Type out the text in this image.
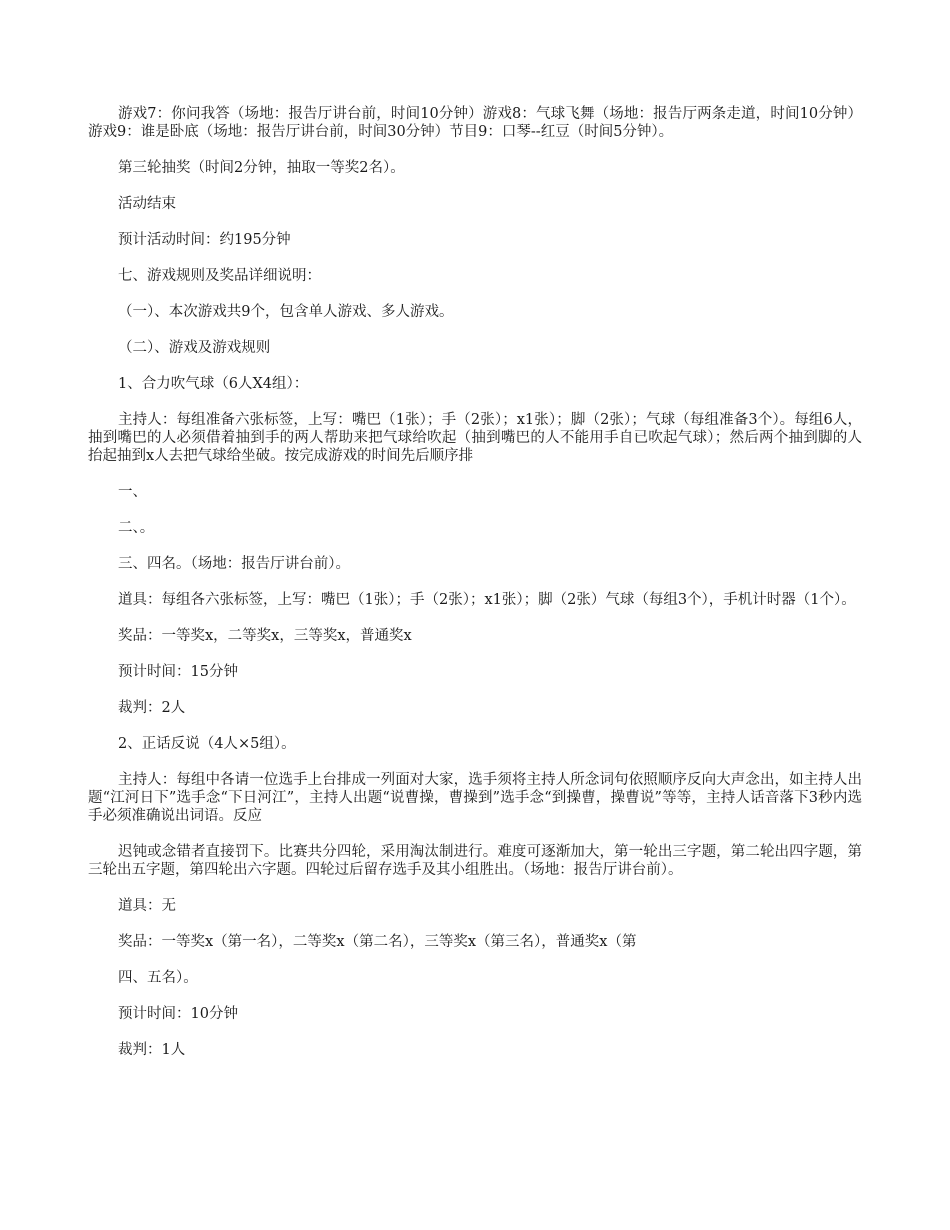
游戏7：你问我答（场地：报告厅讲台前，时间10分钟）游戏8：气球飞舞（场地：报告厅两条走道，时间10分钟）游戏9：谁是卧底（场地：报告厅讲台前，时间30分钟）节目9：口琴--红豆（时间5分钟）。

第三轮抽奖（时间2分钟，抽取一等奖2名）。

活动结束

预计活动时间：约195分钟

七、游戏规则及奖品详细说明：

（一）、本次游戏共9个，包含单人游戏、多人游戏。

（二）、游戏及游戏规则

1、合力吹气球（6人X4组）：

主持人：每组准备六张标签，上写：嘴巴（1张）；手（2张）；x1张）；脚（2张）；气球（每组准备3个）。每组6人，抽到嘴巴的人必须借着抽到手的两人帮助来把气球给吹起（抽到嘴巴的人不能用手自已吹起气球）；然后两个抽到脚的人抬起抽到x人去把气球给坐破。按完成游戏的时间先后顺序排

一、

二、。

三、四名。（场地：报告厅讲台前）。

道具：每组各六张标签，上写：嘴巴（1张）；手（2张）；x1张）；脚（2张）气球（每组3个），手机计时器（1个）。

奖品：一等奖x，二等奖x，三等奖x，普通奖x

预计时间：15分钟

裁判：2人

2、正话反说（4人×5组）。

主持人：每组中各请一位选手上台排成一列面对大家，选手须将主持人所念词句依照顺序反向大声念出，如主持人出题“江河日下”选手念“下日河江”，主持人出题“说曹操，曹操到”选手念“到操曹，操曹说”等等，主持人话音落下3秒内选手必须准确说出词语。反应

迟钝或念错者直接罚下。比赛共分四轮，采用淘汰制进行。难度可逐渐加大，第一轮出三字题，第二轮出四字题，第三轮出五字题，第四轮出六字题。四轮过后留存选手及其小组胜出。（场地：报告厅讲台前）。

道具：无

奖品：一等奖x（第一名），二等奖x（第二名），三等奖x（第三名），普通奖x（第

四、五名）。

预计时间：10分钟

裁判：1人
